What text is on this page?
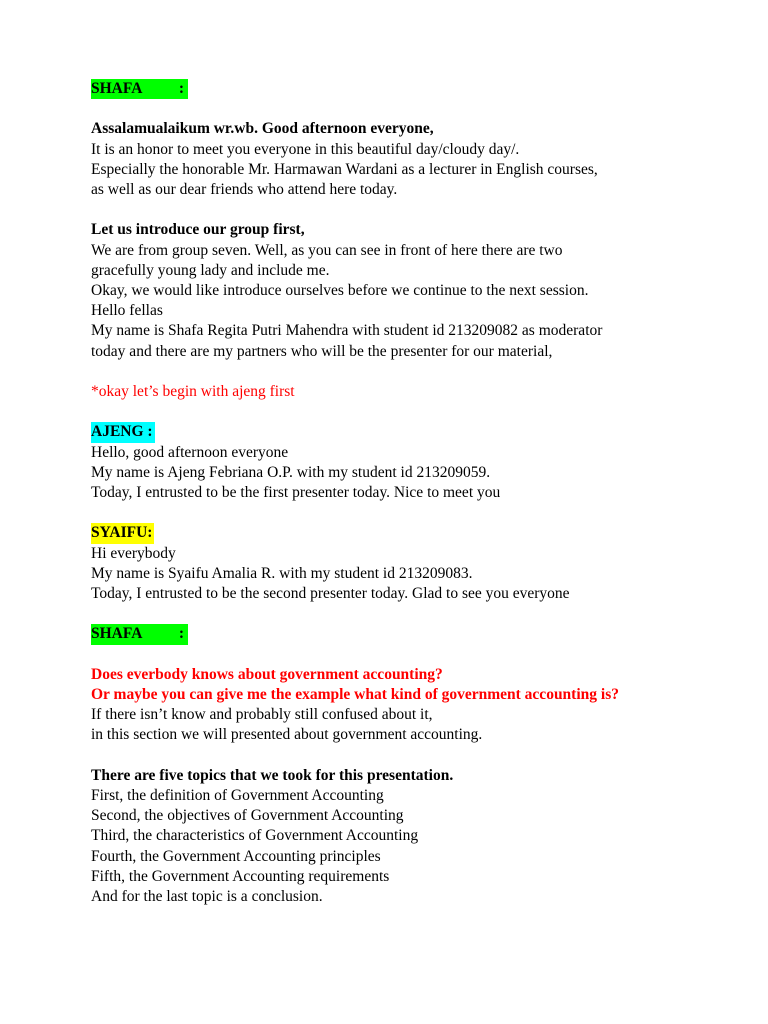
SHAFA :
Assalamualaikum wr.wb. Good afternoon everyone,
It is an honor to meet you everyone in this beautiful day/cloudy day/.
Especially the honorable Mr. Harmawan Wardani as a lecturer in English courses,
as well as our dear friends who attend here today.
Let us introduce our group first,
We are from group seven. Well, as you can see in front of here there are two
gracefully young lady and include me.
Okay, we would like introduce ourselves before we continue to the next session.
Hello fellas
My name is Shafa Regita Putri Mahendra with student id 213209082 as moderator
today and there are my partners who will be the presenter for our material,
*okay let’s begin with ajeng first
AJENG :
Hello, good afternoon everyone
My name is Ajeng Febriana O.P. with my student id 213209059.
Today, I entrusted to be the first presenter today. Nice to meet you
SYAIFU:
Hi everybody
My name is Syaifu Amalia R. with my student id 213209083.
Today, I entrusted to be the second presenter today. Glad to see you everyone
SHAFA :
Does everbody knows about government accounting?
Or maybe you can give me the example what kind of government accounting is?
If there isn’t know and probably still confused about it,
in this section we will presented about government accounting.
There are five topics that we took for this presentation.
First, the definition of Government Accounting
Second, the objectives of Government Accounting
Third, the characteristics of Government Accounting
Fourth, the Government Accounting principles
Fifth, the Government Accounting requirements
And for the last topic is a conclusion.
